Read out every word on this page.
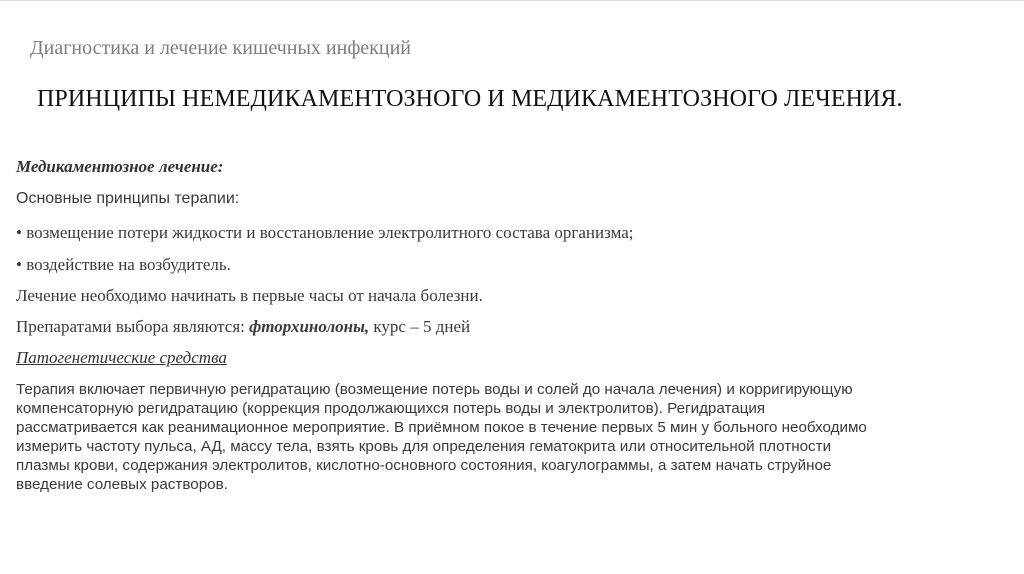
Диагностика и лечение кишечных инфекций
ПРИНЦИПЫ НЕМЕДИКАМЕНТОЗНОГО И МЕДИКАМЕНТОЗНОГО ЛЕЧЕНИЯ.
Медикаментозное лечение:
Основные принципы терапии:
• возмещение потери жидкости и восстановление электролитного состава организма;
• воздействие на возбудитель.
Лечение необходимо начинать в первые часы от начала болезни.
Препаратами выбора являются: фторхинолоны, курс – 5 дней
Патогенетические средства
Терапия включает первичную регидратацию (возмещение потерь воды и солей до начала лечения) и корригирующую
компенсаторную регидратацию (коррекция продолжающихся потерь воды и электролитов). Регидратация
рассматривается как реанимационное мероприятие. В приёмном покое в течение первых 5 мин у больного необходимо
измерить частоту пульса, АД, массу тела, взять кровь для определения гематокрита или относительной плотности
плазмы крови, содержания электролитов, кислотно-основного состояния, коагулограммы, а затем начать струйное
введение солевых растворов.
